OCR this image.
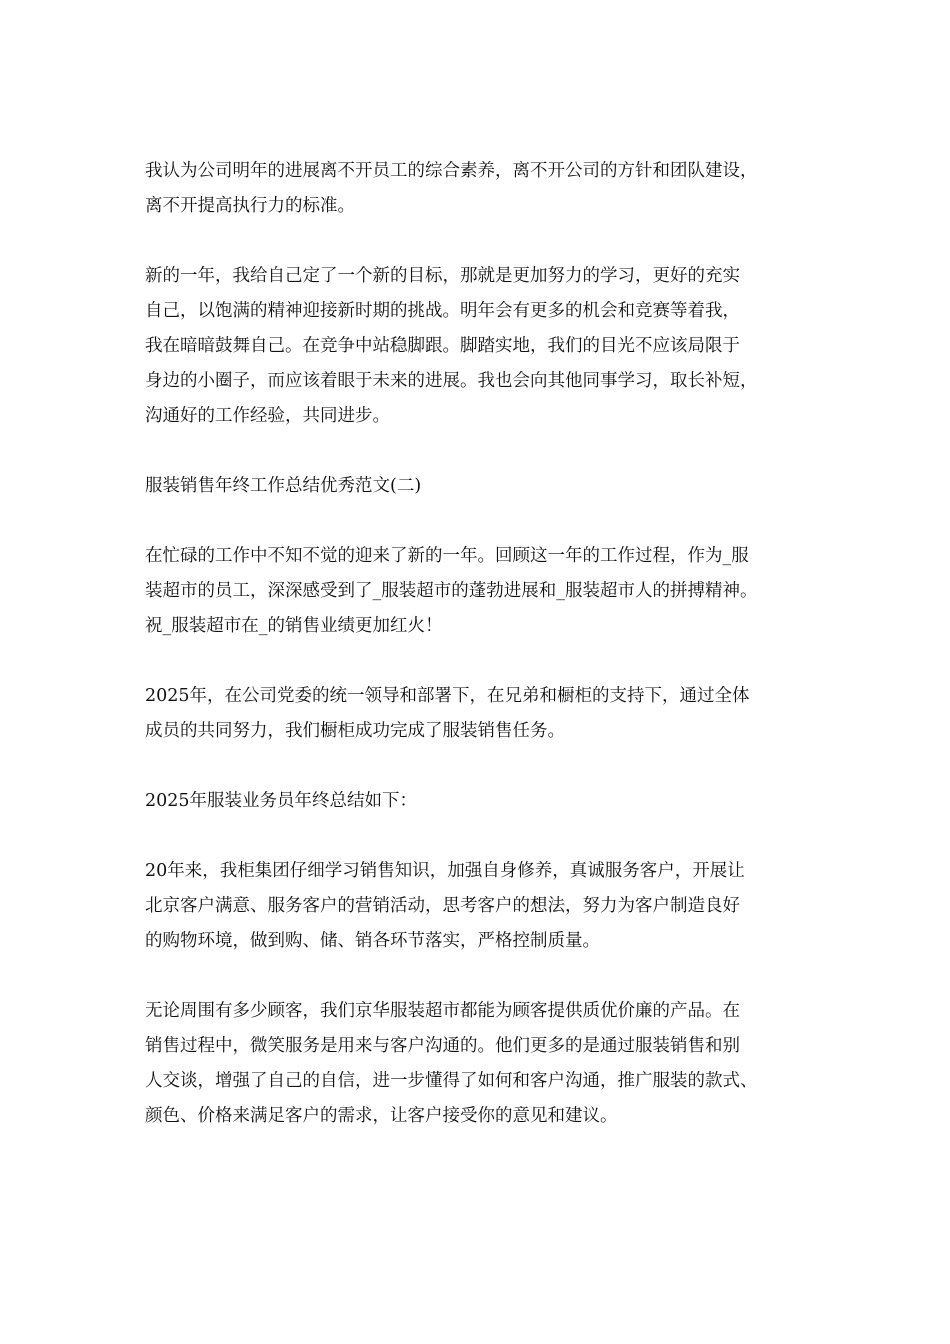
我认为公司明年的进展离不开员工的综合素养，离不开公司的方针和团队建设，
离不开提高执行力的标准。

新的一年，我给自己定了一个新的目标，那就是更加努力的学习，更好的充实
自己，以饱满的精神迎接新时期的挑战。明年会有更多的机会和竞赛等着我，
我在暗暗鼓舞自己。在竞争中站稳脚跟。脚踏实地，我们的目光不应该局限于
身边的小圈子，而应该着眼于未来的进展。我也会向其他同事学习，取长补短，
沟通好的工作经验，共同进步。

服装销售年终工作总结优秀范文(二)

在忙碌的工作中不知不觉的迎来了新的一年。回顾这一年的工作过程，作为_服
装超市的员工，深深感受到了_服装超市的蓬勃进展和_服装超市人的拼搏精神。
祝_服装超市在_的销售业绩更加红火！

2025年，在公司党委的统一领导和部署下，在兄弟和橱柜的支持下，通过全体
成员的共同努力，我们橱柜成功完成了服装销售任务。

2025年服装业务员年终总结如下：

20年来，我柜集团仔细学习销售知识，加强自身修养，真诚服务客户，开展让
北京客户满意、服务客户的营销活动，思考客户的想法，努力为客户制造良好
的购物环境，做到购、储、销各环节落实，严格控制质量。

无论周围有多少顾客，我们京华服装超市都能为顾客提供质优价廉的产品。在
销售过程中，微笑服务是用来与客户沟通的。他们更多的是通过服装销售和别
人交谈，增强了自己的自信，进一步懂得了如何和客户沟通，推广服装的款式、
颜色、价格来满足客户的需求，让客户接受你的意见和建议。
